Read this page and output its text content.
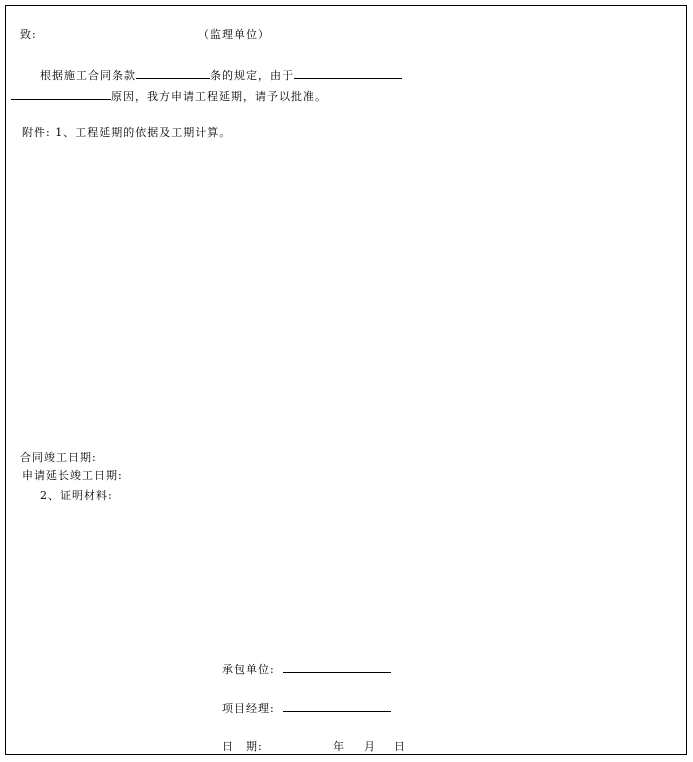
致:	（监理单位）
根据施工合同条款	条的规定，由于
原因，我方申请工程延期，请予以批准。
附件: 1、工程延期的依据及工期计算。
合同竣工日期:
申请延长竣工日期:
2、证明材料:
承包单位:
项目经理:
日　期:	年 月 日
